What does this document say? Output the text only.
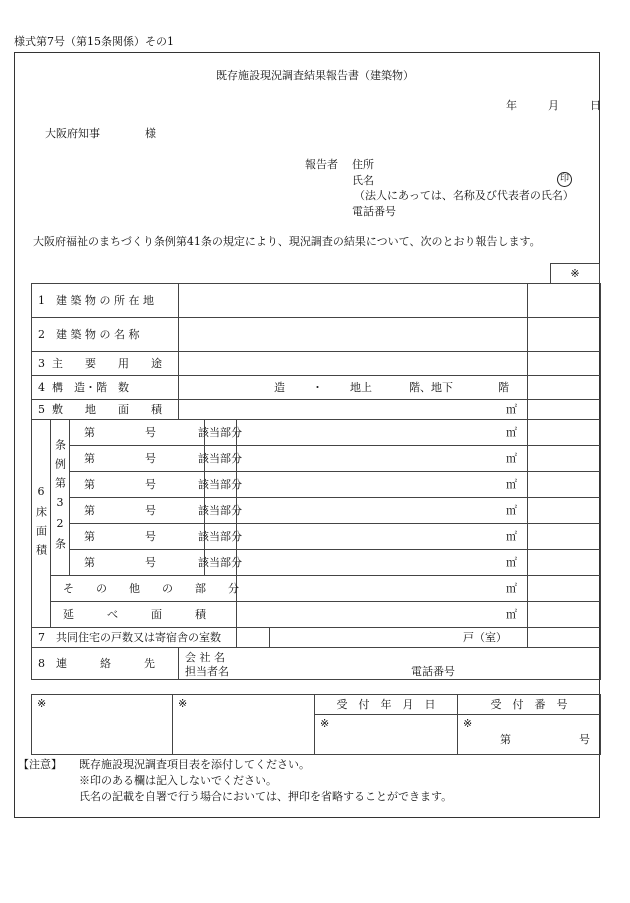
様式第7号（第15条関係）その1
既存施設現況調査結果報告書（建築物）
年	月	日
大阪府知事	様
報告者 住所
氏名	印
（法人にあっては、名称及び代表者の氏名）
電話番号
大阪府福祉のまちづくり条例第41条の規定により、現況調査の結果について、次のとおり報告します。
※
1　建 築 物 の 所 在 地							
2　建 築 物 の 名 称							
3 主　　要　　用　　途							
4 構　造・階　数			造 ・ 地上 階、地下 階				
5 敷　　地　　面　　積			㎡				
6床面積	条例第32条	第 号 該当部分			㎡		
		第 号 該当部分			㎡		
		第 号 該当部分			㎡		
		第 号 該当部分			㎡		
		第 号 該当部分			㎡		
		第 号 該当部分			㎡		
	そ　　の　　他　　の　　部　　分				㎡		
	延　　　べ　　　面　　　積				㎡		
7　共同住宅の戸数又は寄宿舎の室数						戸（室）	
8　連　　　絡　　　先			会 社 名
担当者名 電話番号				
※	※	受　付　年　月　日	受　付　番　号
		※	※
第 号
【注意】 既存施設現況調査項目表を添付してください。
※印のある欄は記入しないでください。
氏名の記載を自署で行う場合においては、押印を省略することができます。
